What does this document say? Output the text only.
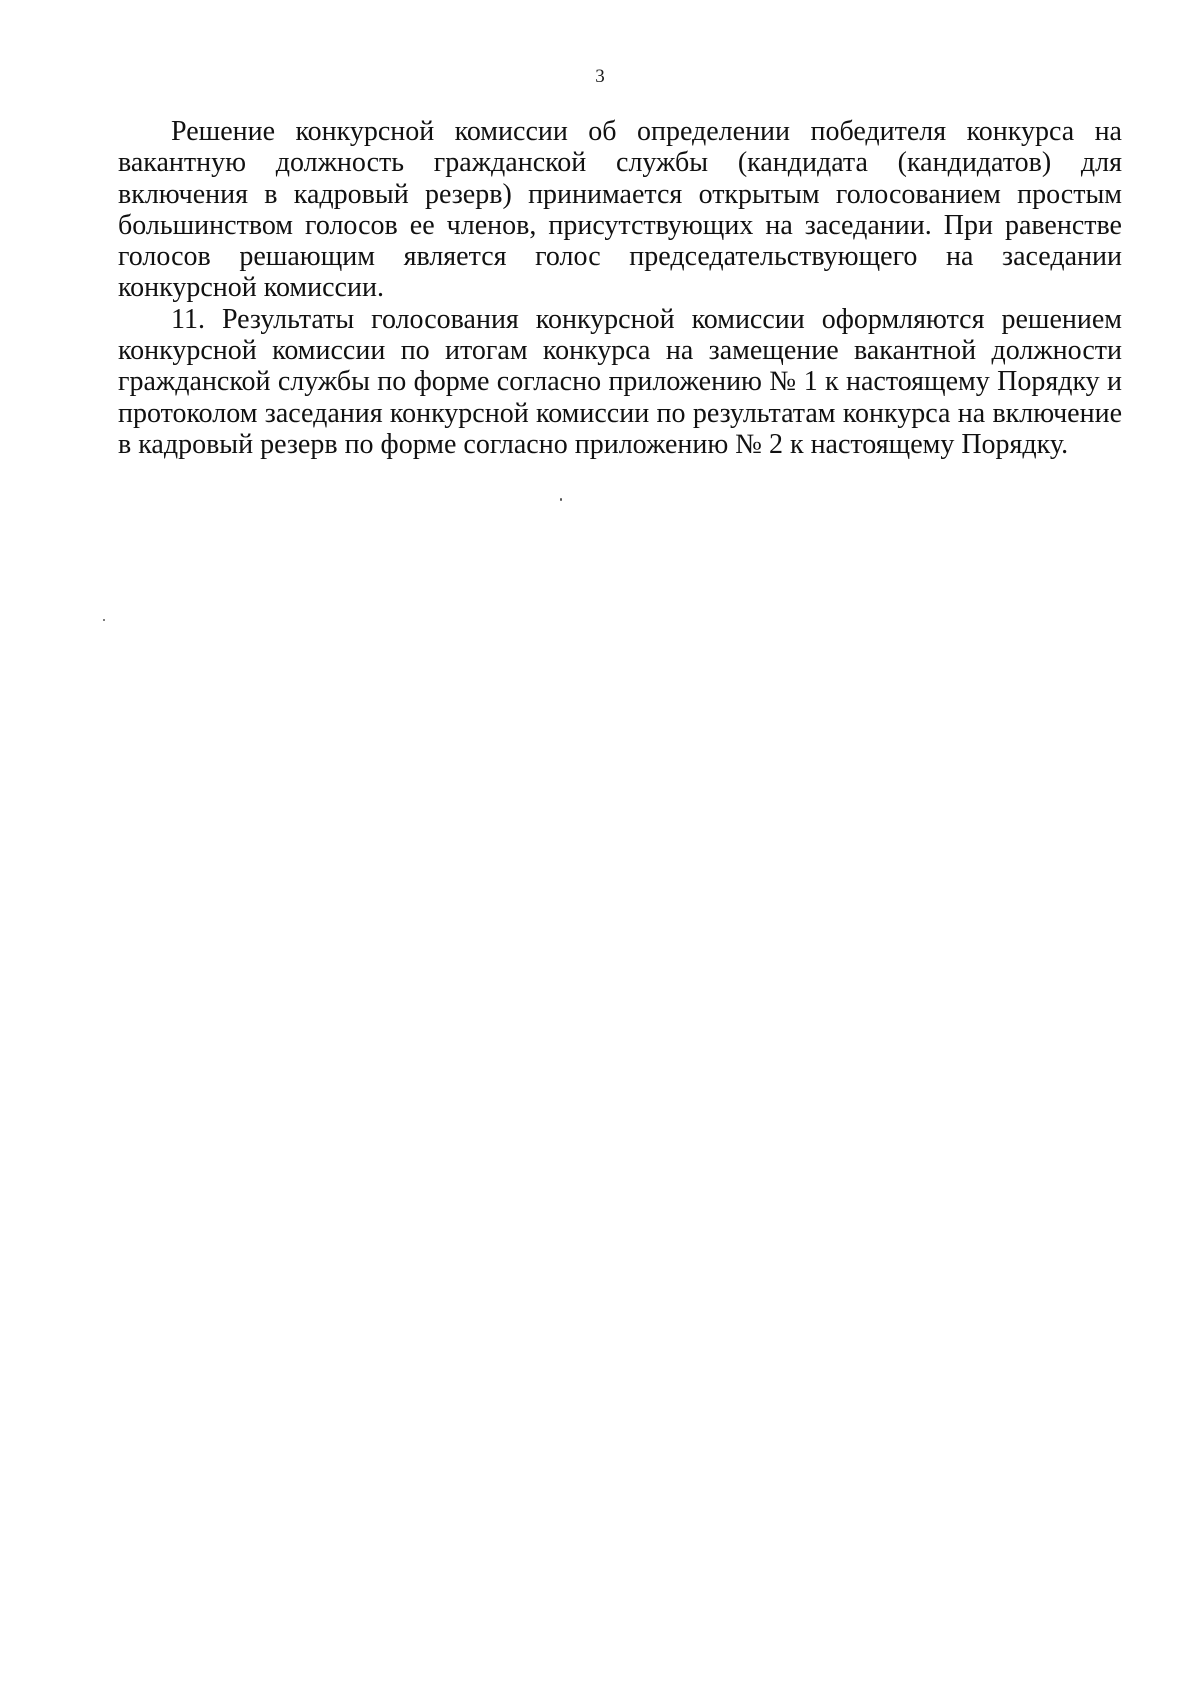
3

Решение конкурсной комиссии об определении победителя конкурса на вакантную должность гражданской службы (кандидата (кандидатов) для включения в кадровый резерв) принимается открытым голосованием простым большинством голосов ее членов, присутствующих на заседании. При равенстве голосов решающим является голос председательствующего на заседании конкурсной комиссии.

11. Результаты голосования конкурсной комиссии оформляются решением конкурсной комиссии по итогам конкурса на замещение вакантной должности гражданской службы по форме согласно приложению № 1 к настоящему Порядку и протоколом заседания конкурсной комиссии по результатам конкурса на включение в кадровый резерв по форме согласно приложению № 2 к настоящему Порядку.
